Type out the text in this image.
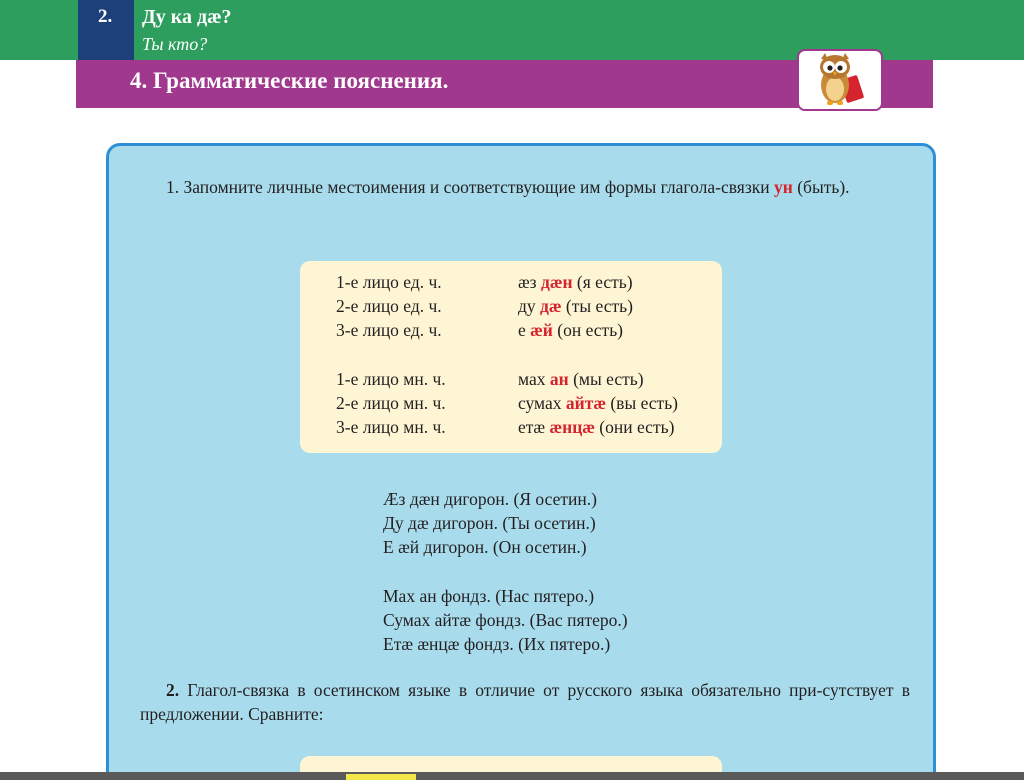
2. Ду ка дæ?
Ты кто?
4. Грамматические пояснения.

1. Запомните личные местоимения и соответствующие им формы глагола-связки ун (быть).

1-е лицо ед. ч.	æз дæн (я есть)
2-е лицо ед. ч.	ду дæ (ты есть)
3-е лицо ед. ч.	е æй (он есть)
1-е лицо мн. ч.	мах ан (мы есть)
2-е лицо мн. ч.	сумах айтæ (вы есть)
3-е лицо мн. ч.	етæ æнцæ (они есть)
Æз дæн дигорон. (Я осетин.)
Ду дæ дигорон. (Ты осетин.)
Е æй дигорон. (Он осетин.)
Мах ан фондз. (Нас пятеро.)
Сумах айтæ фондз. (Вас пятеро.)
Етæ æнцæ фондз. (Их пятеро.)

2. Глагол-связка в осетинском языке в отличие от русского языка обязательно при-сутствует в предложении. Сравните:
